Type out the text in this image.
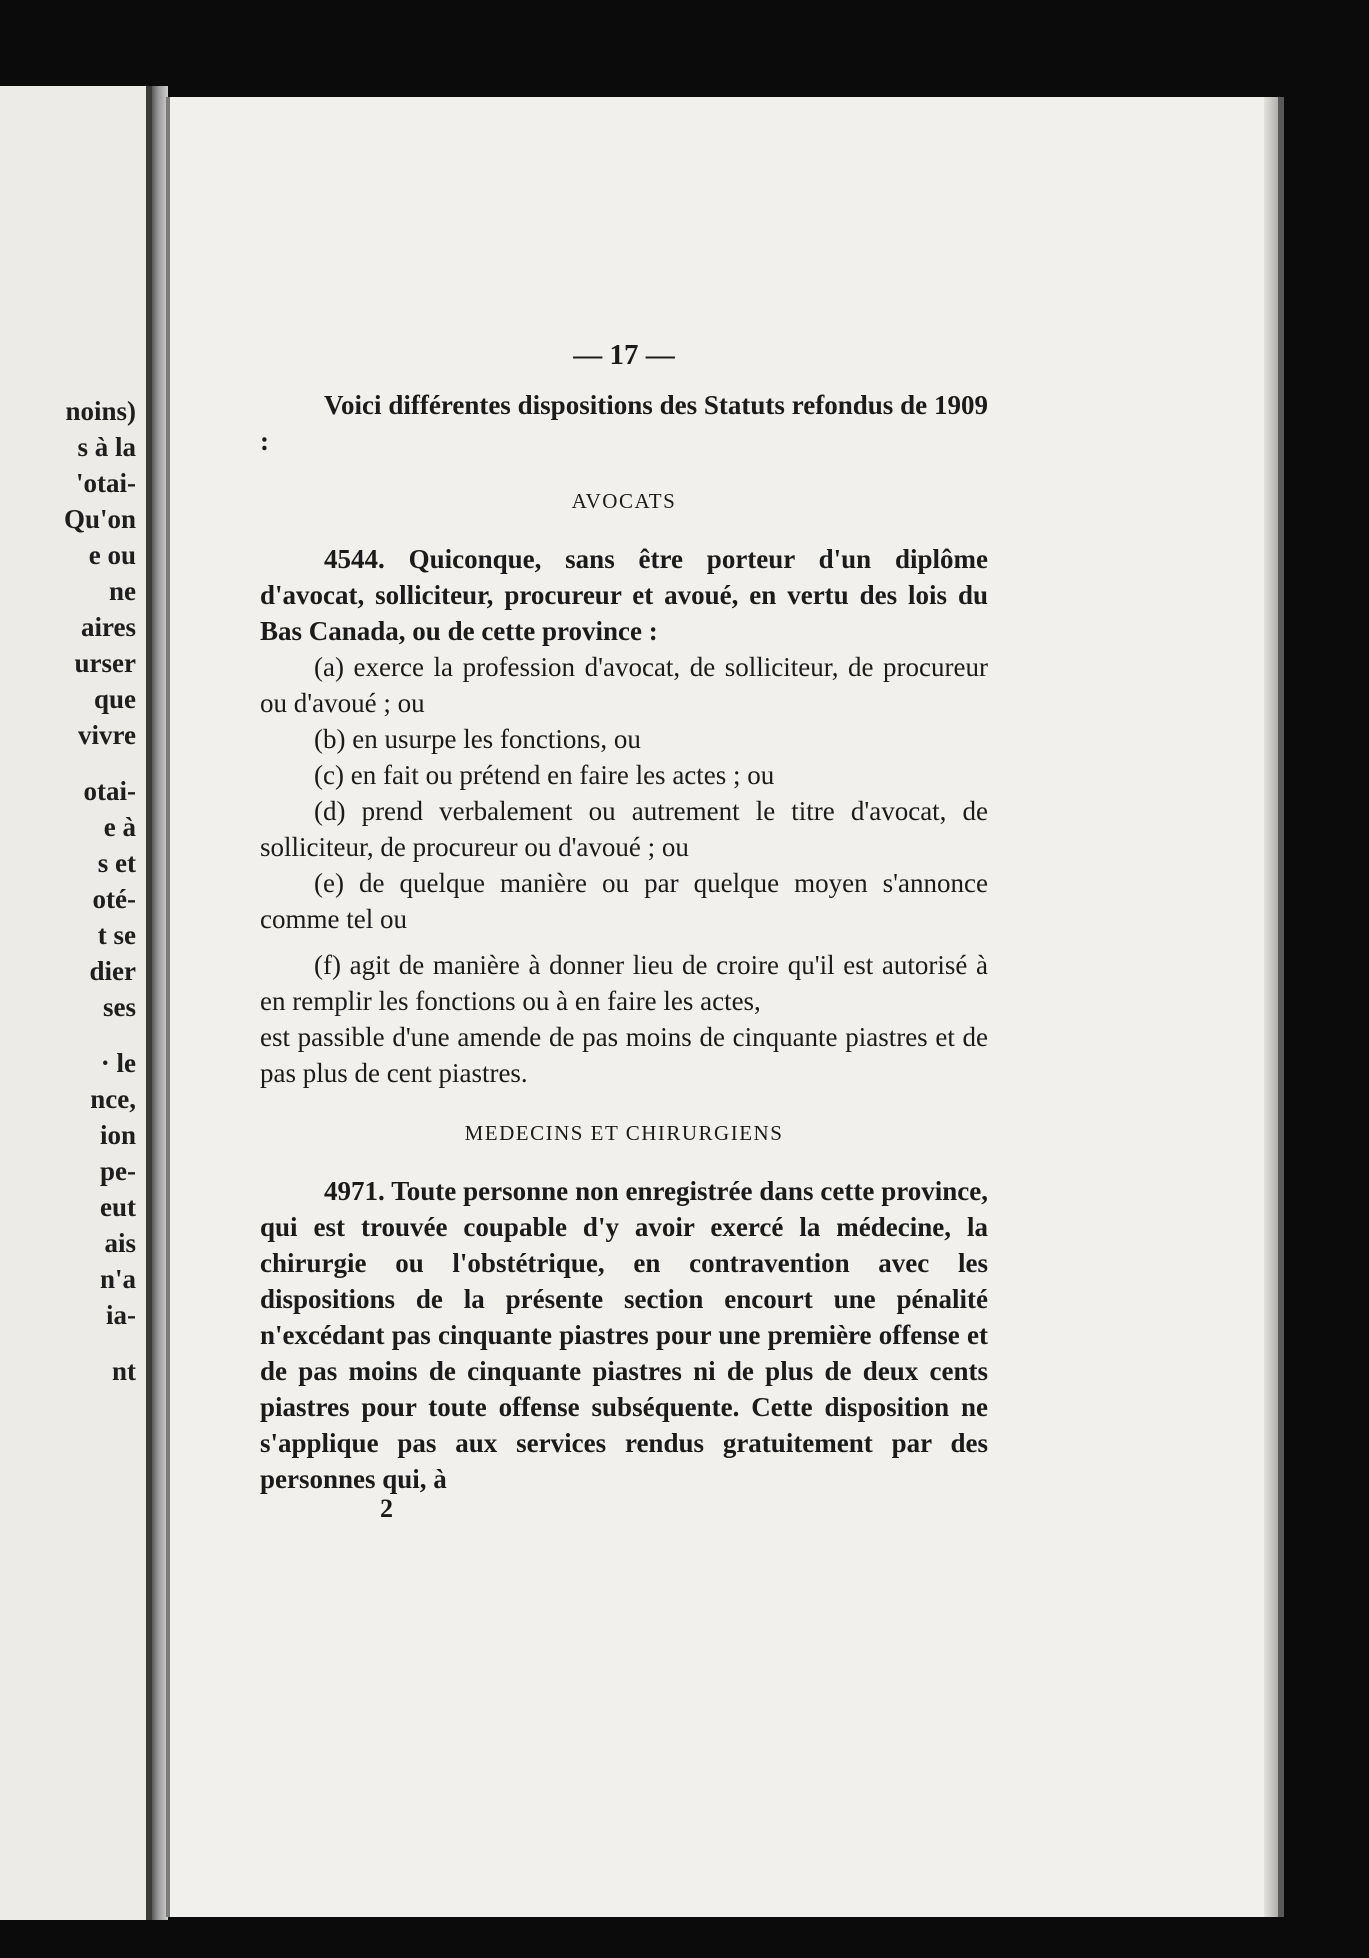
noins)
s à la
'otai-
Qu'on
e ou
ne
aires
urser
que
vivre
otai-
e à
s et
oté-
t se
dier
ses
· le
nce,
ion
pe-
eut
ais
n'a
ia-
nt
— 17 —

Voici différentes dispositions des Statuts refondus de 1909 :

AVOCATS

4544. Quiconque, sans être porteur d'un diplôme d'avocat, solliciteur, procureur et avoué, en vertu des lois du Bas Canada, ou de cette province :

(a) exerce la profession d'avocat, de solliciteur, de procureur ou d'avoué ; ou

(b) en usurpe les fonctions, ou

(c) en fait ou prétend en faire les actes ; ou

(d) prend verbalement ou autrement le titre d'avocat, de solliciteur, de procureur ou d'avoué ; ou

(e) de quelque manière ou par quelque moyen s'annonce comme tel ou

(f) agit de manière à donner lieu de croire qu'il est autorisé à en remplir les fonctions ou à en faire les actes,

est passible d'une amende de pas moins de cinquante piastres et de pas plus de cent piastres.

MEDECINS ET CHIRURGIENS

4971. Toute personne non enregistrée dans cette province, qui est trouvée coupable d'y avoir exercé la médecine, la chirurgie ou l'obstétrique, en contravention avec les dispositions de la présente section encourt une pénalité n'excédant pas cinquante piastres pour une première offense et de pas moins de cinquante piastres ni de plus de deux cents piastres pour toute offense subséquente. Cette disposition ne s'applique pas aux services rendus gratuitement par des personnes qui, à

2
